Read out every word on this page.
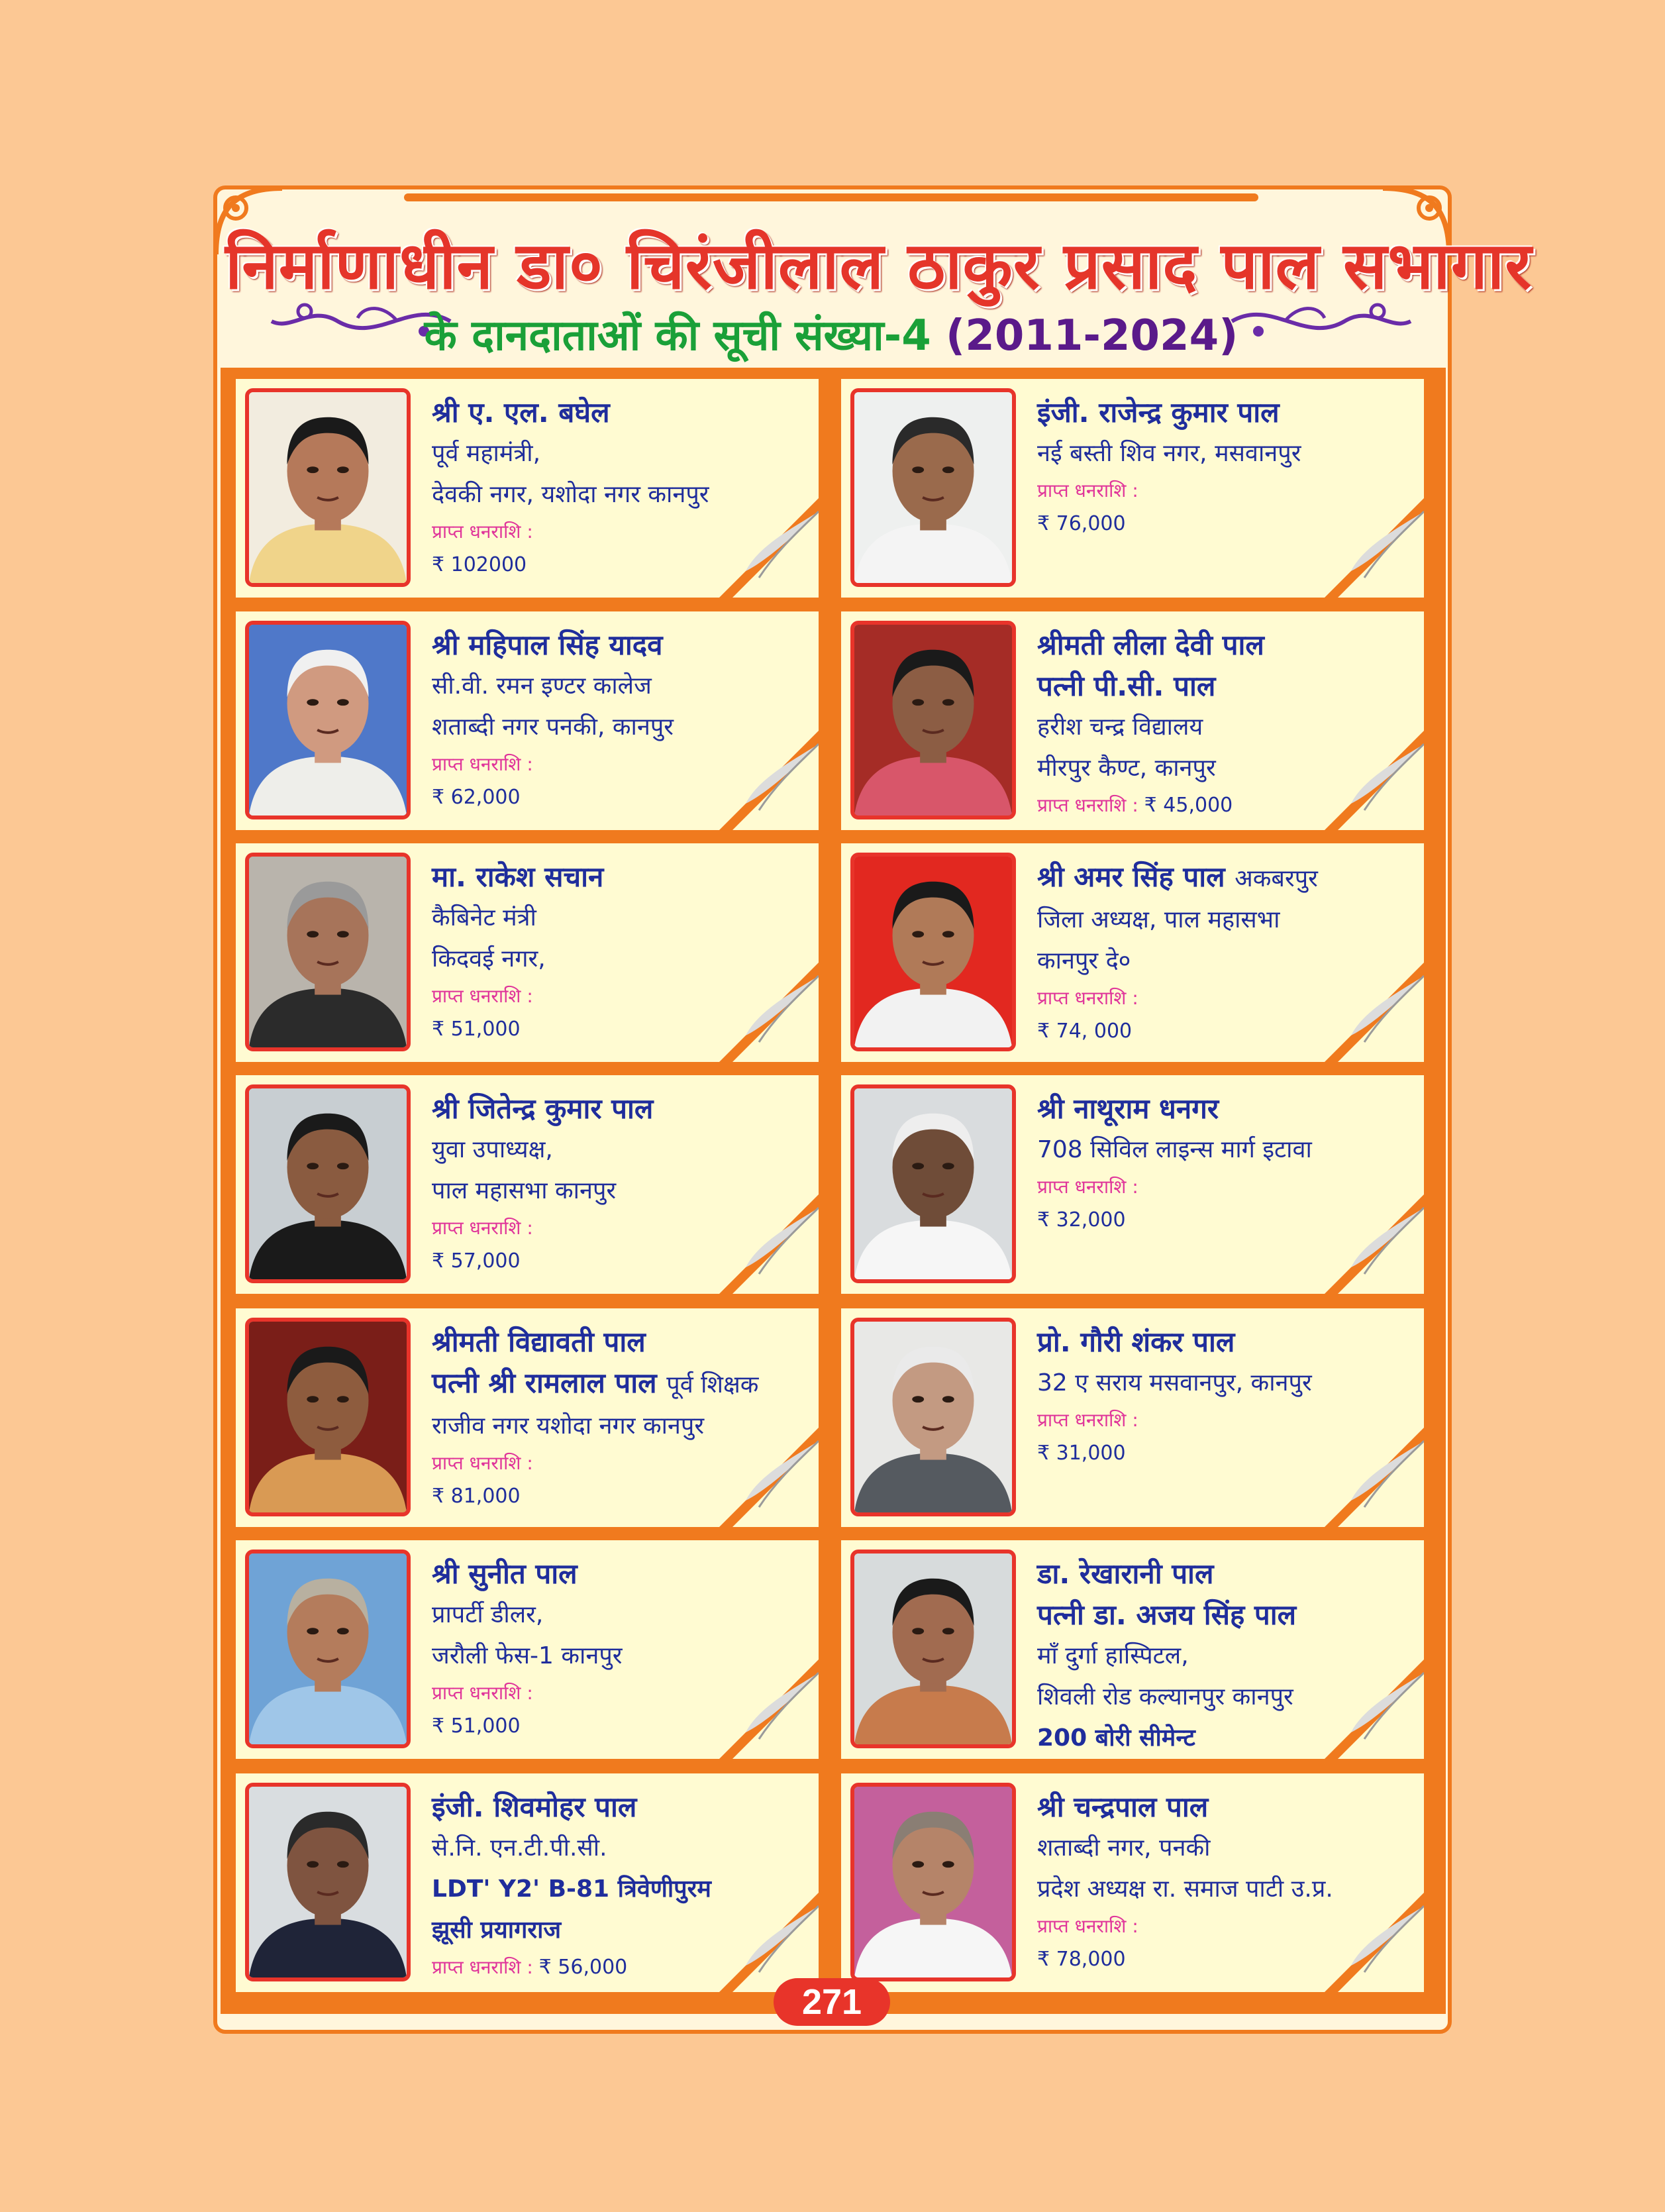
निर्माणाधीन डा० चिरंजीलाल ठाकुर प्रसाद पाल सभागार
के दानदाताओं की सूची संख्या-4 (2011-2024)
श्री ए. एल. बघेल
पूर्व महामंत्री,
देवकी नगर, यशोदा नगर कानपुर
प्राप्त धनराशि :
₹ 102000
इंजी. राजेन्द्र कुमार पाल
नई बस्ती शिव नगर, मसवानपुर
प्राप्त धनराशि :
₹ 76,000
श्री महिपाल सिंह यादव
सी.वी. रमन इण्टर कालेज
शताब्दी नगर पनकी, कानपुर
प्राप्त धनराशि :
₹ 62,000
श्रीमती लीला देवी पाल
पत्नी पी.सी. पाल
हरीश चन्द्र विद्यालय
मीरपुर कैण्ट, कानपुर
प्राप्त धनराशि : ₹ 45,000
मा. राकेश सचान
कैबिनेट मंत्री
किदवई नगर,
प्राप्त धनराशि :
₹ 51,000
श्री अमर सिंह पाल अकबरपुर
जिला अध्यक्ष, पाल महासभा
कानपुर दे०
प्राप्त धनराशि :
₹ 74, 000
श्री जितेन्द्र कुमार पाल
युवा उपाध्यक्ष,
पाल महासभा कानपुर
प्राप्त धनराशि :
₹ 57,000
श्री नाथूराम धनगर
708 सिविल लाइन्स मार्ग इटावा
प्राप्त धनराशि :
₹ 32,000
श्रीमती विद्यावती पाल
पत्नी श्री रामलाल पाल पूर्व शिक्षक
राजीव नगर यशोदा नगर कानपुर
प्राप्त धनराशि :
₹ 81,000
प्रो. गौरी शंकर पाल
32 ए सराय मसवानपुर, कानपुर
प्राप्त धनराशि :
₹ 31,000
श्री सुनीत पाल
प्रापर्टी डीलर,
जरौली फेस-1 कानपुर
प्राप्त धनराशि :
₹ 51,000
डा. रेखारानी पाल
पत्नी डा. अजय सिंह पाल
माँ दुर्गा हास्पिटल,
शिवली रोड कल्यानपुर कानपुर
200 बोरी सीमेन्ट
इंजी. शिवमोहर पाल
से.नि. एन.टी.पी.सी.
LDT' Y2' B-81 त्रिवेणीपुरम
झूसी प्रयागराज
प्राप्त धनराशि : ₹ 56,000
श्री चन्द्रपाल पाल
शताब्दी नगर, पनकी
प्रदेश अध्यक्ष रा. समाज पाटी उ.प्र.
प्राप्त धनराशि :
₹ 78,000
271
